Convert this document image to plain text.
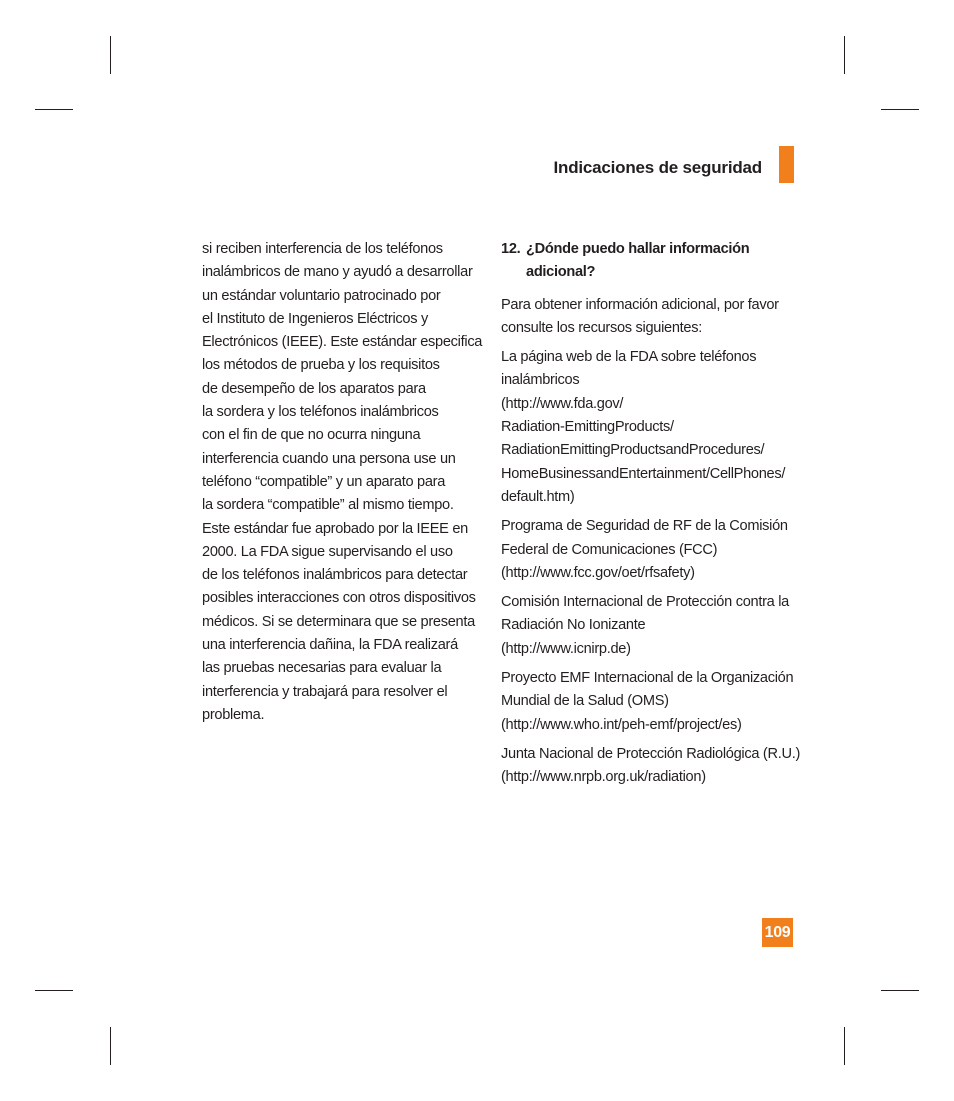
Indicaciones de seguridad
si reciben interferencia de los teléfonos
inalámbricos de mano y ayudó a desarrollar
un estándar voluntario patrocinado por
el Instituto de Ingenieros Eléctricos y
Electrónicos (IEEE). Este estándar especifica
los métodos de prueba y los requisitos
de desempeño de los aparatos para
la sordera y los teléfonos inalámbricos
con el fin de que no ocurra ninguna
interferencia cuando una persona use un
teléfono “compatible” y un aparato para
la sordera “compatible” al mismo tiempo.
Este estándar fue aprobado por la IEEE en
2000. La FDA sigue supervisando el uso
de los teléfonos inalámbricos para detectar
posibles interacciones con otros dispositivos
médicos. Si se determinara que se presenta
una interferencia dañina, la FDA realizará
las pruebas necesarias para evaluar la
interferencia y trabajará para resolver el
problema.
12. ¿Dónde puedo hallar información
adicional?
Para obtener información adicional, por favor
consulte los recursos siguientes:
La página web de la FDA sobre teléfonos
inalámbricos
(http://www.fda.gov/
Radiation-EmittingProducts/
RadiationEmittingProductsandProcedures/
HomeBusinessandEntertainment/CellPhones/
default.htm)
Programa de Seguridad de RF de la Comisión
Federal de Comunicaciones (FCC)
(http://www.fcc.gov/oet/rfsafety)
Comisión Internacional de Protección contra la
Radiación No Ionizante
(http://www.icnirp.de)
Proyecto EMF Internacional de la Organización
Mundial de la Salud (OMS)
(http://www.who.int/peh-emf/project/es)
Junta Nacional de Protección Radiológica (R.U.)
(http://www.nrpb.org.uk/radiation)
109
